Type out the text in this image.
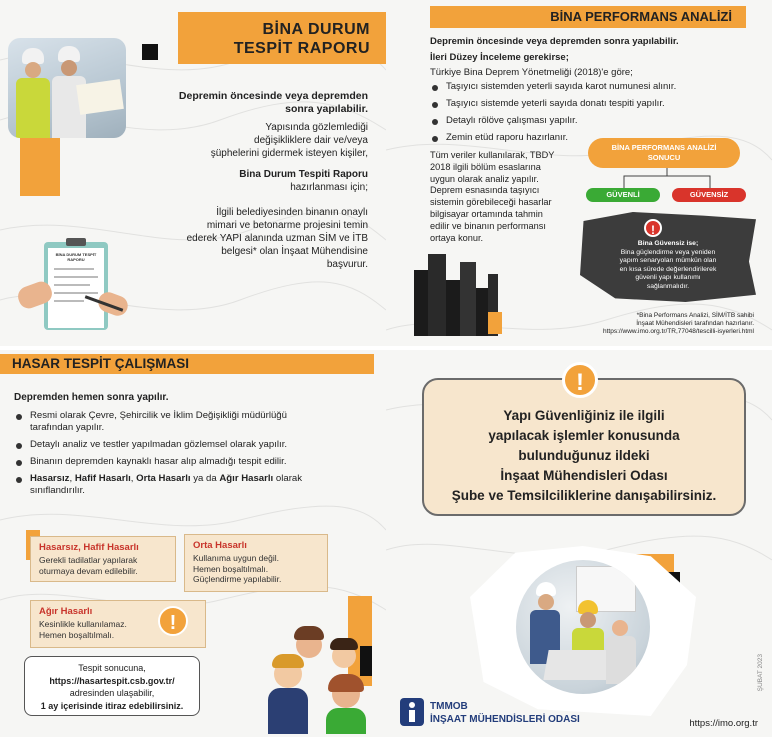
BİNA DURUM
TESPİT RAPORU
Depremin öncesinde veya depremden
sonra yapılabilir.
Yapısında gözlemlediği
değişikliklere dair ve/veya
şüphelerini gidermek isteyen kişiler,
Bina Durum Tespiti Raporu
hazırlanması için;
İlgili belediyesinden binanın onaylı
mimari ve betonarme projesini temin
ederek YAPI alanında uzman SİM ve İTB
belgesi* olan İnşaat Mühendisine
başvurur.
BİNA DURUM TESPİT RAPORU
BİNA PERFORMANS ANALİZİ
Depremin öncesinde veya depremden sonra yapılabilir.
İleri Düzey İnceleme gerekirse;
Türkiye Bina Deprem Yönetmeliği (2018)'e göre;
Taşıyıcı sistemden yeterli sayıda karot numunesi alınır.
Taşıyıcı sistemde yeterli sayıda donatı tespiti yapılır.
Detaylı rölöve çalışması yapılır.
Zemin etüd raporu hazırlanır.
Tüm veriler kullanılarak, TBDY
2018 ilgili bölüm esaslarına
uygun olarak analiz yapılır.
Deprem esnasında taşıyıcı
sistemin görebileceği hasarlar
bilgisayar ortamında tahmin
edilir ve binanın performansı
ortaya konur.
BİNA PERFORMANS ANALİZİ
SONUCU
GÜVENLİ	GÜVENSİZ
!
Bina Güvensiz ise;
Bina güçlendirme veya yeniden
yapım senaryoları mümkün olan
en kısa sürede değerlendirilerek
güvenli yapı kullanımı
sağlanmalıdır.
*Bina Performans Analizi, SİM/İTB sahibi
İnşaat Mühendisleri tarafından hazırlanır.
https://www.imo.org.tr/TR,77048/tescilli-isyerleri.html
HASAR TESPİT ÇALIŞMASI
Depremden hemen sonra yapılır.
Resmi olarak Çevre, Şehircilik ve İklim Değişikliği müdürlüğü tarafından yapılır.
Detaylı analiz ve testler yapılmadan gözlemsel olarak yapılır.
Binanın depremden kaynaklı hasar alıp almadığı tespit edilir.
Hasarsız, Hafif Hasarlı, Orta Hasarlı ya da Ağır Hasarlı olarak sınıflandırılır.
Hasarsız, Hafif Hasarlı
Gerekli tadilatlar yapılarak
oturmaya devam edilebilir.
Orta Hasarlı
Kullanıma uygun değil.
Hemen boşaltılmalı.
Güçlendirme yapılabilir.
Ağır Hasarlı
Kesinlikle kullanılamaz.
Hemen boşaltılmalı.
!
Tespit sonucuna,
https://hasartespit.csb.gov.tr/
adresinden ulaşabilir,
1 ay içerisinde itiraz edebilirsiniz.
!
Yapı Güvenliğiniz ile ilgili
yapılacak işlemler konusunda
bulunduğunuz ildeki
İnşaat Mühendisleri Odası
Şube ve Temsilciliklerine danışabilirsiniz.
TMMOB
İNŞAAT MÜHENDİSLERİ ODASI
ŞUBAT 2023
https://imo.org.tr
